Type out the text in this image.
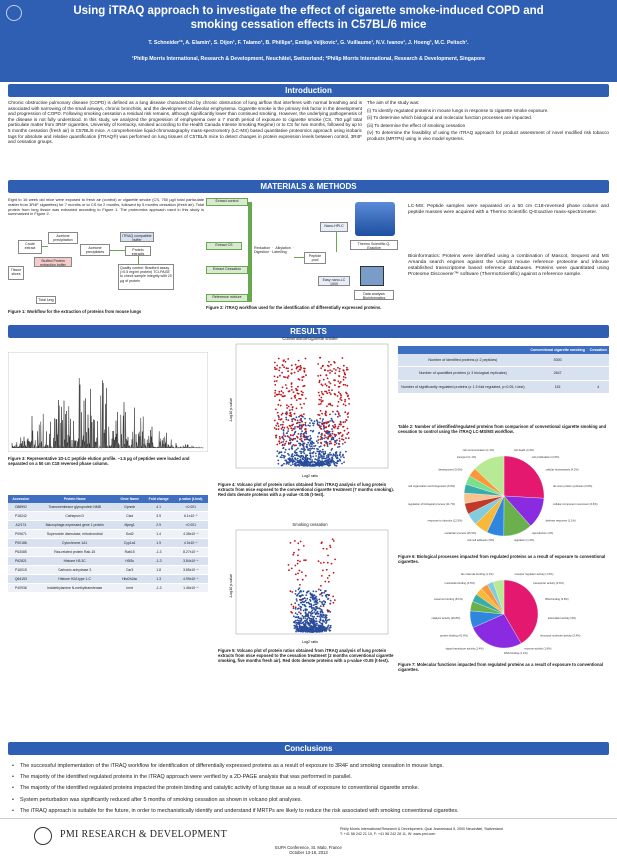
Using iTRAQ approach to investigate the effect of cigarette smoke-induced COPD and smoking cessation effects in C57BL/6 mice
T. Schneider¹*, A. Elamin¹, S. Dijon¹, F. Talamo¹, B. Phillips², Emilija Veljkovic¹, G. Vuillaume¹, N.V. Ivanov¹, J. Hoeng¹, M.C. Peitsch¹.
¹Philip Morris International, Research & Development, Neuchâtel, Switzerland; ²Philip Morris International, Research & Development, Singapore
Introduction
Chronic obstructive pulmonary disease (COPD) is defined as a lung disease characterized by chronic obstruction of lung airflow that interferes with normal breathing and is associated with narrowing of the small airways, chronic bronchitis, and the development of alveolar emphysema. Cigarette smoke is the primary risk factor in the development and progression of COPD. Following smoking cessation a residual risk remains, although significantly lower than continued smoking. However, the underlying pathogenesis of the disease is not fully understood. In this study, we analyzed the progression of emphysema over a 7 month period of exposure to cigarette smoke (CS, 750 µg/l total particulate matter from 3R4F cigarettes, University of Kentucky, smoked according to the Health Canada Intense Smoking Regime) or to CS for two months, followed by up to 5 months cessation (fresh air) in C57BL/6 mice. A comprehensive liquid-chromatography mass-spectrometry (LC-MS) based quantitative proteomics approach using isobaric tags for absolute and relative quantification (iTRAQ®) was performed on lung tissues of C57BL/6 mice to detect changes in protein expression levels between control, 3R4F and cessation groups.

The aim of the study was:

(i) To identify regulated proteins in mouse lungs in response to cigarette smoke exposure.

(ii) To determine which biological and molecular function processes are impacted.

(iii) To determine the effect of smoking cessation

(iv) To determine the feasibility of using the iTRAQ approach for product assessment of novel modified risk tobacco products (MRTPs) using in vivo model systems.

MATERIALS & METHODS
Eight to 16 week old mice were exposed to fresh air (control) or cigarette smoke (CS, 750 µg/l total particulate matter from 3R4F cigarettes) for 7 months or to CS for 2 months, followed by 5 months cessation (fresh air). Total protein from lung tissue was extracted according to Figure 1. The proteomics approach used in this study is summarized in Figure 2.
Crude extract
Acetone precipitation
Acetone precipitates
iTRAQ compatible buffer
Protein extracts
Tissue slices
Stuffed Protein extraction buffer
Quality control: Bradford assay (>0.5 mg/ml protein) TCI-PAGE to check sample integrity with 20 µg of protein
Total lung
Figure 1: Workflow for the extraction of proteins from mouse lungs
Extract control
Extract CS
Extract Cessation
Reference mixture
Reduction · Alkylation · Digestion · Labelling
Peptide pool
Nano-HPLC
Easy nano-LC 1000
Thermo Scientific Q-Exactive
Data analysis Bioinformatics
Figure 2: iTRAQ workflow used for the identification of differentially expressed proteins.
LC-MS: Peptide samples were separated on a 50 cm C18-reversed phase column and peptide masses were acquired with a Thermo Scientific Q-Exactive mass-spectrometer.
Bioinformatics: Proteins were identified using a combination of Mascot, Sequest and MS Amanda search engines against the Uniprot mouse reference proteome and inhouse established transcriptome based reference databases. Proteins were quantitated using Proteome Discoverer™ software (ThermoScientific) against a reference sample.
RESULTS
Figure 3: Representative 1D-LC peptide elution profile. ~1.5 µg of peptides were loaded and separated on a 50 cm C18 reversed phase column.
Accession	Protein Name	Gene Name	Fold change	p-value (t-test)
O88992	Transmembrane glycoprotein NMB	Gpnmb	4.1	<0.001
P18242	Cathepsin D	Ctsd	3.9	6.1x10⁻⁵
A2/174	Macrophage-expressed gene 1 protein	Mpeg1	2.9	<0.001
P09671	Superoxide dismutase, mitochondrial	Sod2	1.4	4.38x10⁻⁴
P00186	Cytochrome 1A1	Cyp1a1	1.9	4.0x10⁻⁴
P63085	Ras-related protein Rab-15	Rab15	-1.3	8.27x10⁻⁴
P62821	Histone H3.3C	H3f3c	-1.3	3.84x10⁻⁴
P16015	Carbonic anhydrase 3	Car3	1.8	3.85x10⁻⁴
Q64153	Histone H2A type 1-C	Hist2h2ac	1.3	4.99x10⁻⁴
P40936	Indolethylamine N-methyltransferase	Inmt	-1.3	1.46x10⁻⁴
Conventional-cigarette smoke
Log2 ratio
-Log10 p-value
Figure 4: Volcano plot of protein ratios obtained from iTRAQ analysis of lung protein extracts from mice exposed to the conventional cigarette treatment (7 months smoking). Red dots denote proteins with a p-value <0.05 (t-test).
Smoking cessation
Log2 ratio
-Log10 p-value
Figure 5: Volcano plot of protein ratios obtained from iTRAQ analysis of lung protein extracts from mice exposed to the cessation treatment (2 months conventional cigarette smoking, five months fresh air). Red dots denote proteins with a p-value <0.05 (t-test).
	Conventional cigarette smoking	Cessation
Number of identified proteins (≥ 2 peptides)	5300	
Number of quantified proteins (≥ 3 biological replicates)	2647	
Number of significantly regulated proteins (≥ 1.3 fold regulated, p<0.05, t-test)	115	4
Table 2: Number of identified/regulated proteins from comparison of conventional cigarette smoking and cessation to control using the iTRAQ LC-MS/MS workflow.
cell death (4.4%)
cell proliferation (3.6%)
cellular homeostasis (4.2%)
de-novo protein synthesis (3.6%)
cellular component movement (3.6%)
defense response (1.1%)
reproduction (1%)
regulation (1.2%)
cell-cell adhesion (5%)
metabolic process (25.9%)
response to stimulus (12.5%)
regulation of biological process (11.7%)
cell organization and biogenesis (6.9%)
development (5.6%)
transport (1.1%)
cell communication (1.1%)
Figure 6: Biological processes impacted from regulated proteins as a result of exposure to conventional cigarettes.
receptor regulator activity (1.6%)
transporter activity (4.6%)
RNA binding (3.8%)
antioxidant activity (3%)
structural molecule activity (3.4%)
enzyme activity (1.6%)
DNA binding (1.1%)
signal transducer activity (1.4%)
protein binding (41.6%)
catalytic activity (26.8%)
metal ion binding (8.1%)
nucleotide binding (3.5%)
fat molecule binding (1.1%)
Figure 7: Molecular functions impacted from regulated proteins as a result of exposure to conventional cigarettes.
Conclusions
• The successful implementation of the iTRAQ workflow for identification of differentially expressed proteins as a result of exposure to 3R4F and smoking cessation in mouse lungs.
• The majority of the identified regulated proteins in the iTRAQ approach were verified by a 2D-PAGE analysis that was performed in parallel.
• The majority of the identified regulated proteins impacted the protein binding and catalytic activity of lung tissue as a result of exposure to conventional cigarette smoke.
• System perturbation was significantly reduced after 5 months of smoking cessation as shown in volcano plot analyses.
• The iTRAQ approach is suitable for the future, in order to mechanistically identify and understand if MRTPs are likely to reduce the risk associated with smoking conventional cigarettes.
PMI RESEARCH & DEVELOPMENT	Philip Morris International Research & Development, Quai Jeanrenaud 5, 2000 Neuchâtel, Switzerland
T: +41 58 242 21 10, F: +41 58 242 28 11, W: www.pmi.com
EUPA Conference, St. Malo, France
October 13-16, 2013
